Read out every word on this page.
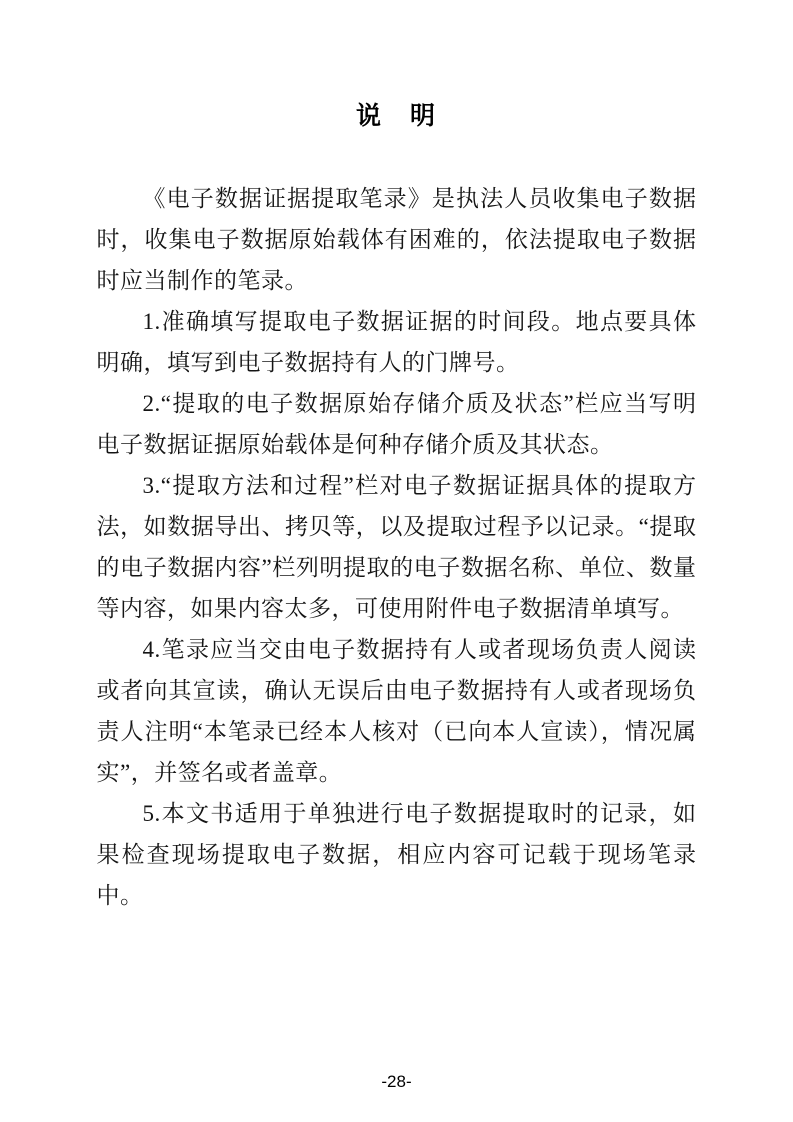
说　明

《电子数据证据提取笔录》是执法人员收集电子数据时，收集电子数据原始载体有困难的，依法提取电子数据时应当制作的笔录。

1.准确填写提取电子数据证据的时间段。地点要具体明确，填写到电子数据持有人的门牌号。

2.“提取的电子数据原始存储介质及状态”栏应当写明电子数据证据原始载体是何种存储介质及其状态。

3.“提取方法和过程”栏对电子数据证据具体的提取方法，如数据导出、拷贝等，以及提取过程予以记录。“提取的电子数据内容”栏列明提取的电子数据名称、单位、数量等内容，如果内容太多，可使用附件电子数据清单填写。

4.笔录应当交由电子数据持有人或者现场负责人阅读或者向其宣读，确认无误后由电子数据持有人或者现场负责人注明“本笔录已经本人核对（已向本人宣读），情况属实”，并签名或者盖章。

5.本文书适用于单独进行电子数据提取时的记录，如果检查现场提取电子数据，相应内容可记载于现场笔录中。

-28-
